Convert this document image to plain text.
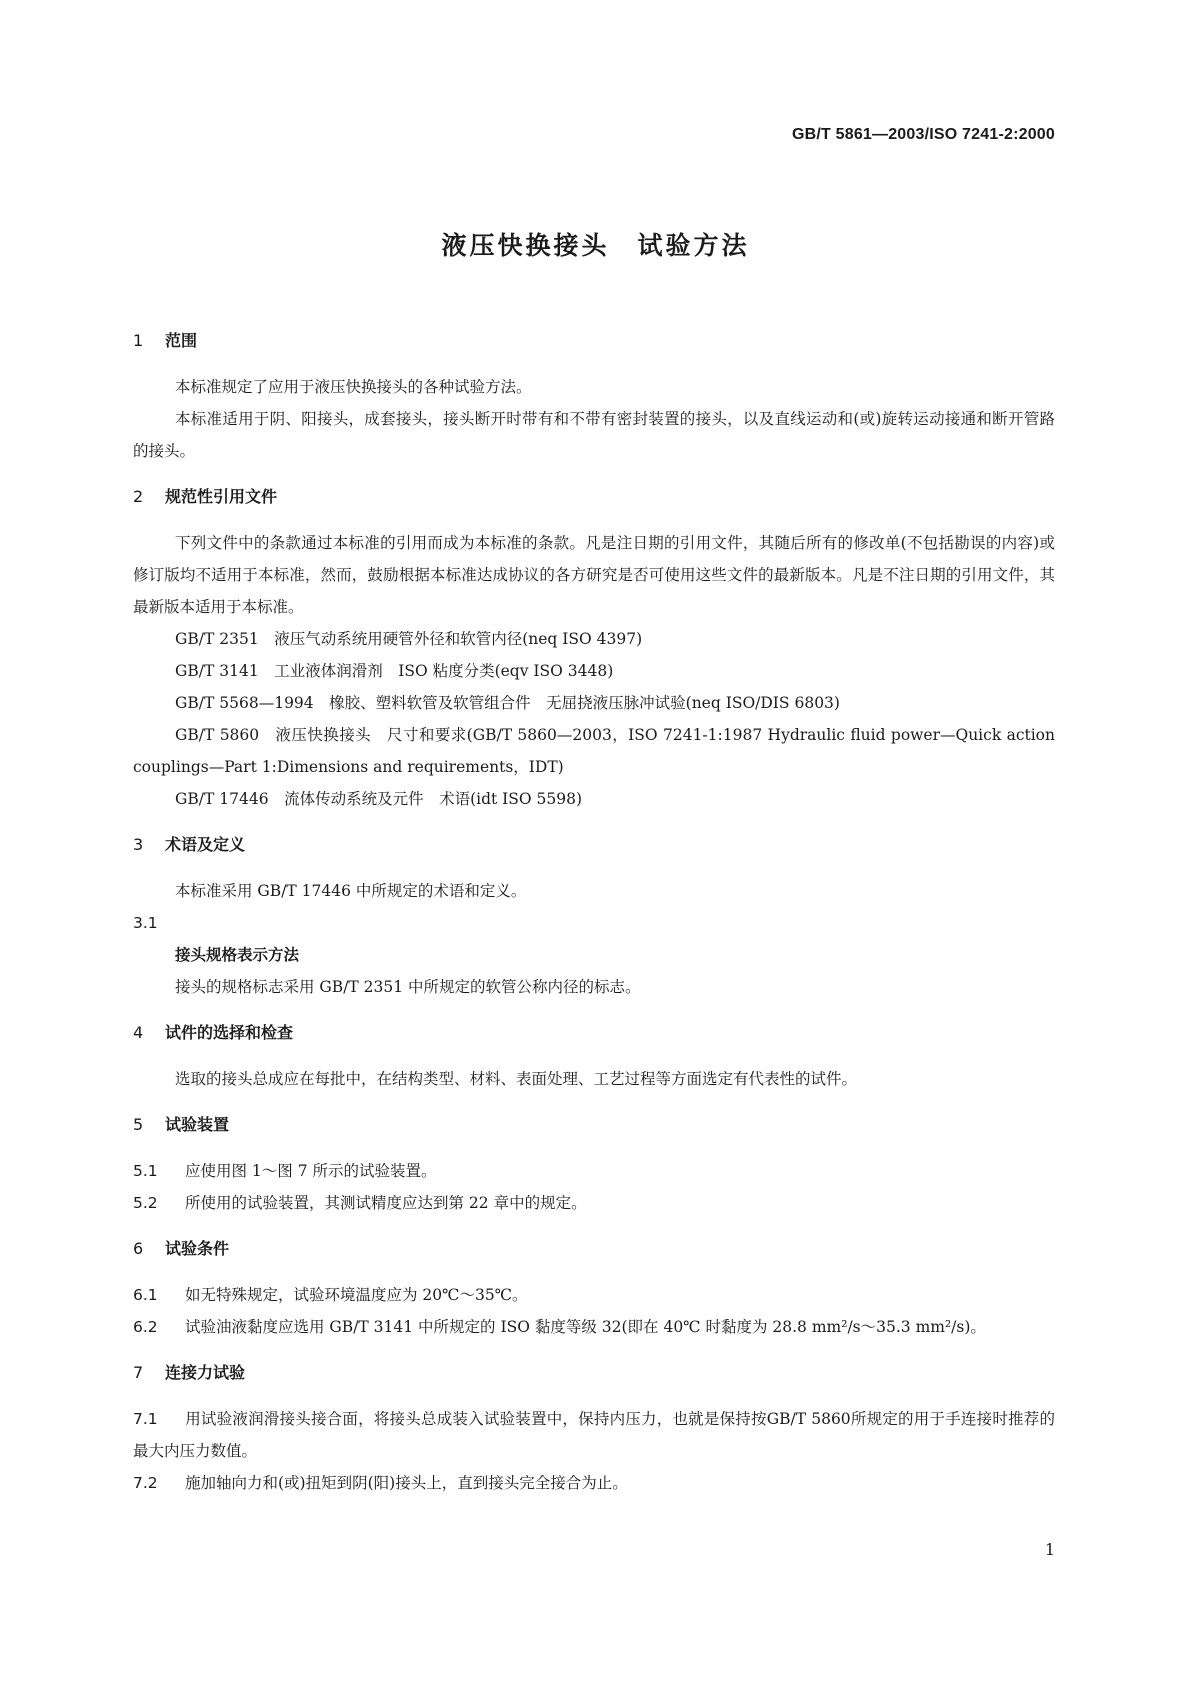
GB/T 5861—2003/ISO 7241-2:2000
液压快换接头　试验方法
1 范围

本标准规定了应用于液压快换接头的各种试验方法。

本标准适用于阴、阳接头，成套接头，接头断开时带有和不带有密封装置的接头，以及直线运动和(或)旋转运动接通和断开管路的接头。

2 规范性引用文件

下列文件中的条款通过本标准的引用而成为本标准的条款。凡是注日期的引用文件，其随后所有的修改单(不包括勘误的内容)或修订版均不适用于本标准，然而，鼓励根据本标准达成协议的各方研究是否可使用这些文件的最新版本。凡是不注日期的引用文件，其最新版本适用于本标准。

GB/T 2351　液压气动系统用硬管外径和软管内径(neq ISO 4397)

GB/T 3141　工业液体润滑剂　ISO 粘度分类(eqv ISO 3448)

GB/T 5568—1994　橡胶、塑料软管及软管组合件　无屈挠液压脉冲试验(neq ISO/DIS 6803)

GB/T 5860　液压快换接头　尺寸和要求(GB/T 5860—2003，ISO 7241-1:1987 Hydraulic fluid power—Quick action couplings—Part 1:Dimensions and requirements，IDT)

GB/T 17446　流体传动系统及元件　术语(idt ISO 5598)

3 术语及定义

本标准采用 GB/T 17446 中所规定的术语和定义。

3.1

接头规格表示方法

接头的规格标志采用 GB/T 2351 中所规定的软管公称内径的标志。

4 试件的选择和检查

选取的接头总成应在每批中，在结构类型、材料、表面处理、工艺过程等方面选定有代表性的试件。

5 试验装置

5.1 应使用图 1～图 7 所示的试验装置。

5.2 所使用的试验装置，其测试精度应达到第 22 章中的规定。

6 试验条件

6.1 如无特殊规定，试验环境温度应为 20℃～35℃。

6.2 试验油液黏度应选用 GB/T 3141 中所规定的 ISO 黏度等级 32(即在 40℃ 时黏度为 28.8 mm²/s～35.3 mm²/s)。

7 连接力试验

7.1 用试验液润滑接头接合面，将接头总成装入试验装置中，保持内压力，也就是保持按GB/T 5860所规定的用于手连接时推荐的最大内压力数值。

7.2 施加轴向力和(或)扭矩到阴(阳)接头上，直到接头完全接合为止。

1
